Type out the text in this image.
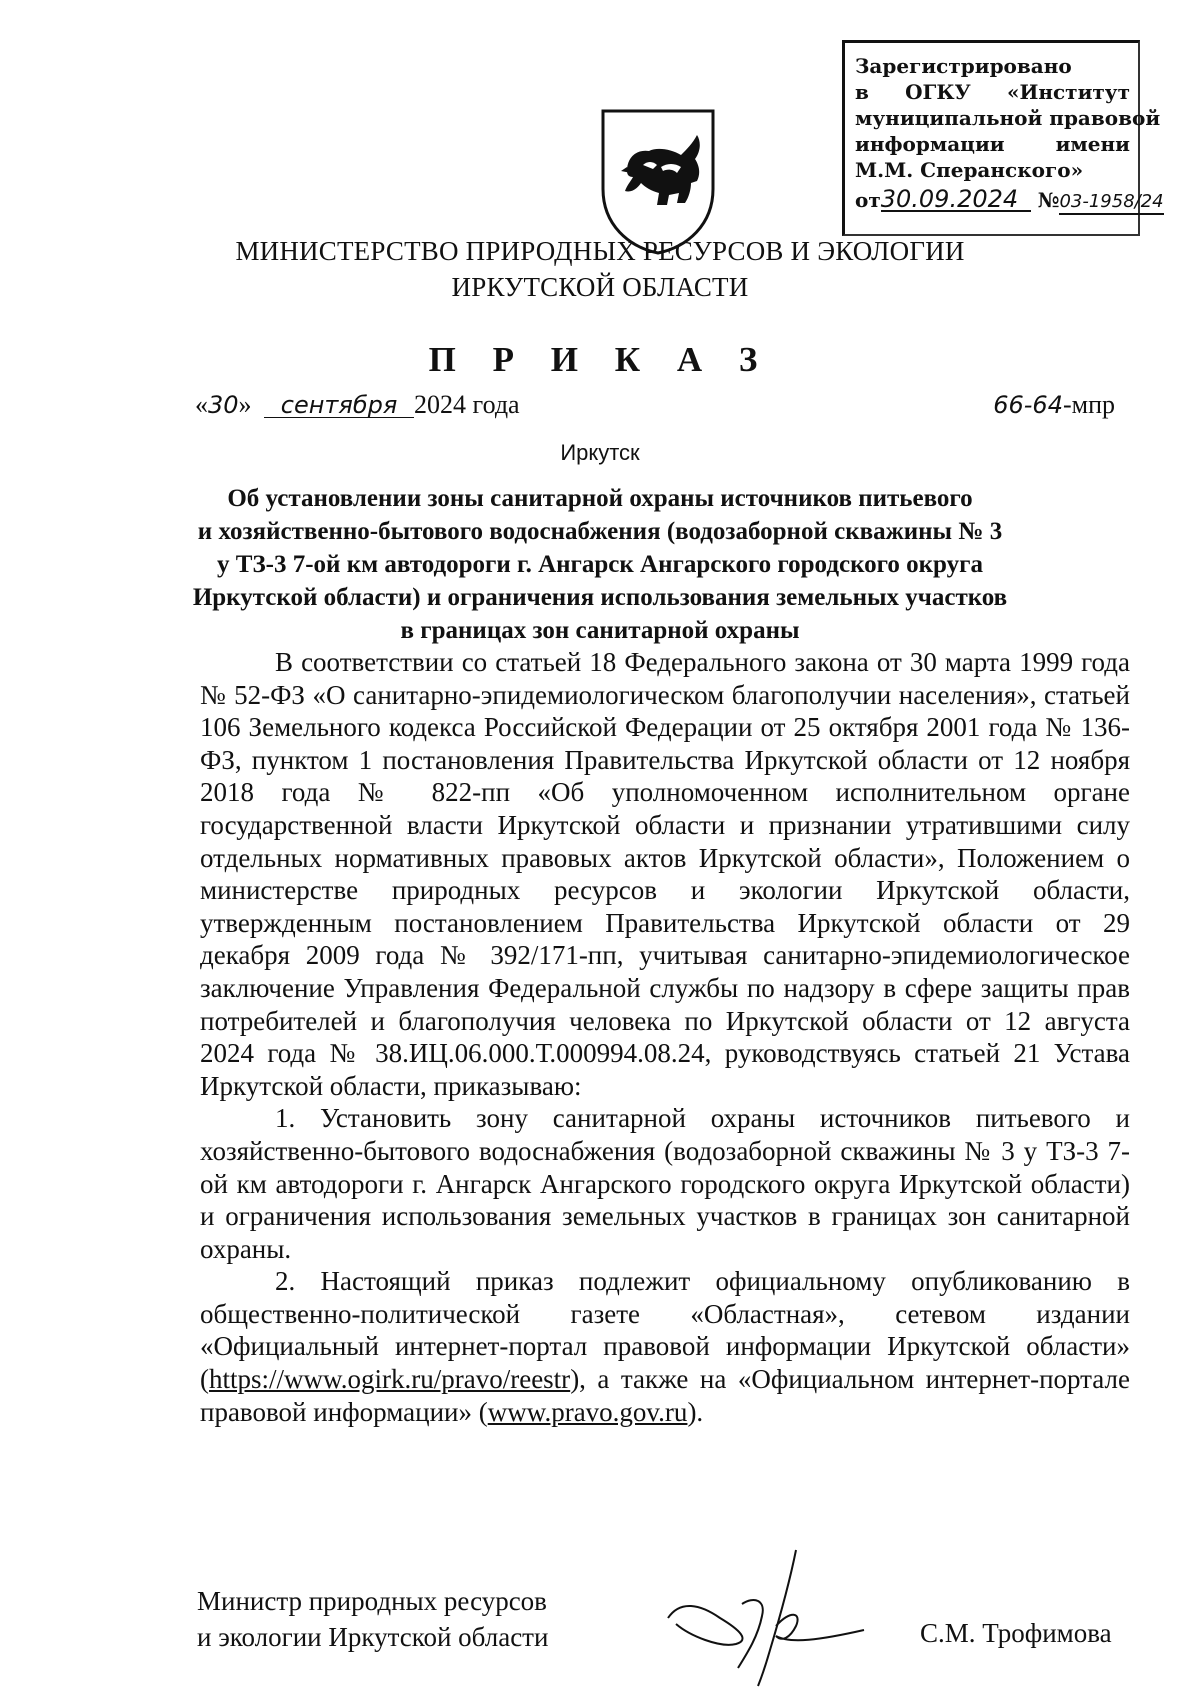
Зарегистрировано
в ОГКУ «Институт
муниципальной правовой
информации	имени
М.М. Сперанского»
от30.09.2024 №03-1958/24
МИНИСТЕРСТВО ПРИРОДНЫХ РЕСУРСОВ И ЭКОЛОГИИ
ИРКУТСКОЙ ОБЛАСТИ
П Р И К А З
«30» сентября 2024 года	66-64-мпр
Иркутск
Об установлении зоны санитарной охраны источников питьевого
и хозяйственно-бытового водоснабжения (водозаборной скважины № 3
у ТЗ-3 7-ой км автодороги г. Ангарск Ангарского городского округа
Иркутской области) и ограничения использования земельных участков
в границах зон санитарной охраны

В соответствии со статьей 18 Федерального закона от 30 марта 1999 года № 52-ФЗ «О санитарно-эпидемиологическом благополучии населения», статьей 106 Земельного кодекса Российской Федерации от 25 октября 2001 года № 136-ФЗ, пунктом 1 постановления Правительства Иркутской области от 12 ноября 2018 года № 822-пп «Об уполномоченном исполнительном органе государственной власти Иркутской области и признании утратившими силу отдельных нормативных правовых актов Иркутской области», Положением о министерстве природных ресурсов и экологии Иркутской области, утвержденным постановлением Правительства Иркутской области от 29 декабря 2009 года № 392/171-пп, учитывая санитарно-эпидемиологическое заключение Управления Федеральной службы по надзору в сфере защиты прав потребителей и благополучия человека по Иркутской области от 12 августа 2024 года № 38.ИЦ.06.000.Т.000994.08.24, руководствуясь статьей 21 Устава Иркутской области, приказываю:

1. Установить зону санитарной охраны источников питьевого и хозяйственно-бытового водоснабжения (водозаборной скважины № 3 у ТЗ-3 7-ой км автодороги г. Ангарск Ангарского городского округа Иркутской области) и ограничения использования земельных участков в границах зон санитарной охраны.

2. Настоящий приказ подлежит официальному опубликованию в общественно-политической газете «Областная», сетевом издании «Официальный интернет-портал правовой информации Иркутской области» (https://www.ogirk.ru/pravo/reestr), а также на «Официальном интернет-портале правовой информации» (www.pravo.gov.ru).

Министр природных ресурсов
и экологии Иркутской области	С.М. Трофимова
